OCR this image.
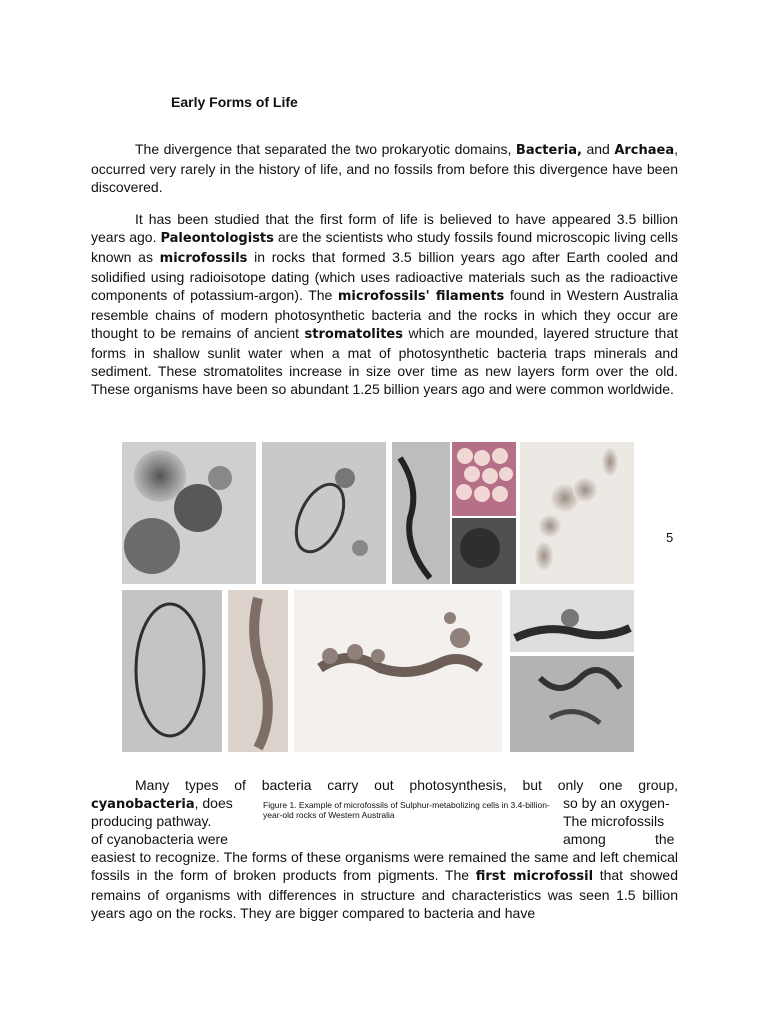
Early Forms of Life

The divergence that separated the two prokaryotic domains, Bacteria, and Archaea, occurred very rarely in the history of life, and no fossils from before this divergence have been discovered.

It has been studied that the first form of life is believed to have appeared 3.5 billion years ago. Paleontologists are the scientists who study fossils found microscopic living cells known as microfossils in rocks that formed 3.5 billion years ago after Earth cooled and solidified using radioisotope dating (which uses radioactive materials such as the radioactive components of potassium-argon). The microfossils' filaments found in Western Australia resemble chains of modern photosynthetic bacteria and the rocks in which they occur are thought to be remains of ancient stromatolites which are mounded, layered structure that forms in shallow sunlit water when a mat of photosynthetic bacteria traps minerals and sediment. These stromatolites increase in size over time as new layers form over the old. These organisms have been so abundant 1.25 billion years ago and were common worldwide.

5
Many types of bacteria carry out photosynthesis, but only one group,
cyanobacteria, does	so by an oxygen-
Figure 1. Example of microfossils of Sulphur-metabolizing cells in 3.4-billion-year-old rocks of Western Australia
producing pathway.	The microfossils
of cyanobacteria were	among	the

easiest to recognize. The forms of these organisms were remained the same and left chemical fossils in the form of broken products from pigments. The first microfossil that showed remains of organisms with differences in structure and characteristics was seen 1.5 billion years ago on the rocks. They are bigger compared to bacteria and have
